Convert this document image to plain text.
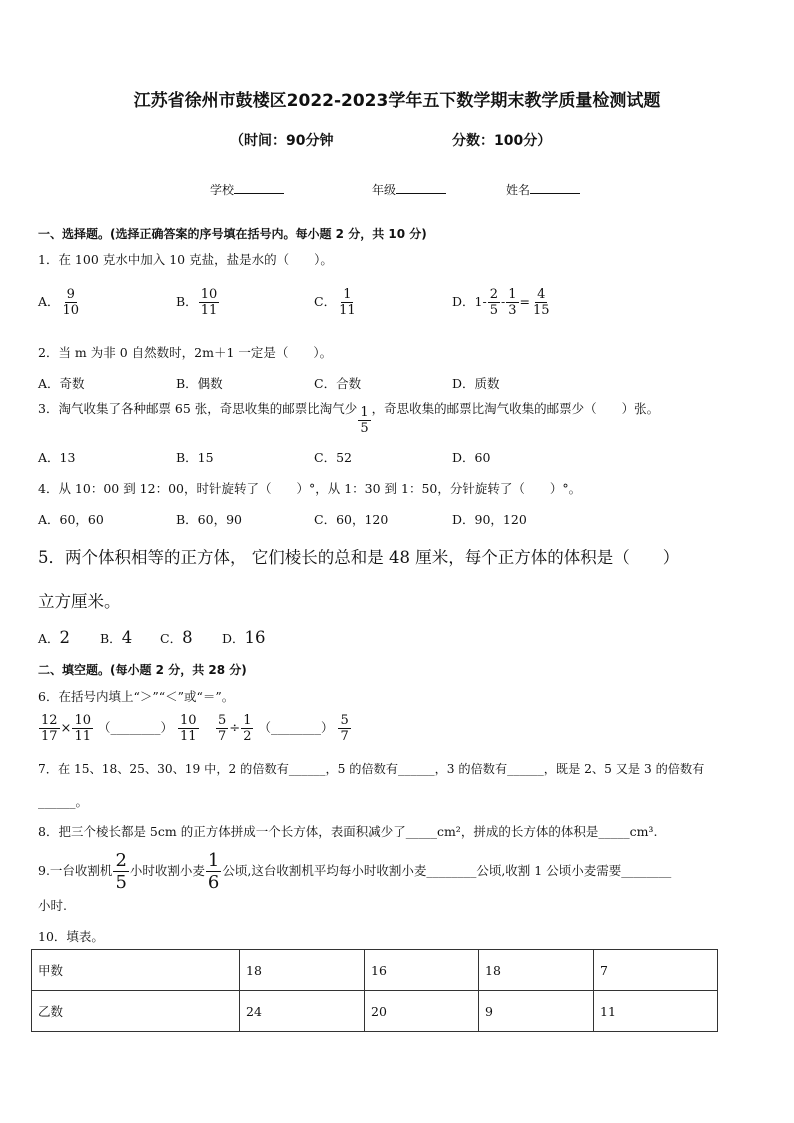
江苏省徐州市鼓楼区2022-2023学年五下数学期末教学质量检测试题
（时间：90分钟	分数：100分）
学校	年级	姓名
一、选择题。(选择正确答案的序号填在括号内。每小题 2 分，共 10 分)
1．在 100 克水中加入 10 克盐，盐是水的（　　）。
A． $\frac{9}{10}$	B． $\frac{10}{11}$	C． $\frac{1}{11}$	D．$1- \frac{2}{5} - \frac{1}{3} = \frac{4}{15}$
2．当 m 为非 0 自然数时，2m＋1 一定是（　　）。
A．奇数	B．偶数	C．合数	D．质数
3．淘气收集了各种邮票 65 张，奇思收集的邮票比淘气少 $\frac{1}{5}$ ，奇思收集的邮票比淘气收集的邮票少（　　）张。
A．13	B．15	C．52	D．60
4．从 10：00 到 12：00，时针旋转了（　　）°，从 1：30 到 1：50，分针旋转了（　　）°。
A．60，60	B．60，90	C．60，120	D．90，120
5．两个体积相等的正方体， 它们棱长的总和是 48 厘米，每个正方体的体积是（　　）
立方厘米。
A．2 B．4 C．8 D．16
二、填空题。(每小题 2 分，共 28 分)
6．在括号内填上“＞”“＜”或“＝”。
$\frac{12}{17} \times \frac{10}{11}$ （________） $\frac{10}{11} \frac{5}{7} \div \frac{1}{2}$ （________） $\frac{5}{7}$
7．在 15、18、25、30、19 中，2 的倍数有______，5 的倍数有______，3 的倍数有______，既是 2、5 又是 3 的倍数有
______。
8．把三个棱长都是 5cm 的正方体拼成一个长方体，表面积减少了_____cm²，拼成的长方体的体积是_____cm³.
9.一台收割机 $\frac{2}{5}$ 小时收割小麦 $\frac{1}{6}$ 公顷,这台收割机平均每小时收割小麦________公顷,收割 1 公顷小麦需要________
小时.
10．填表。
甲数	18	16	18	7
乙数	24	20	9	11
